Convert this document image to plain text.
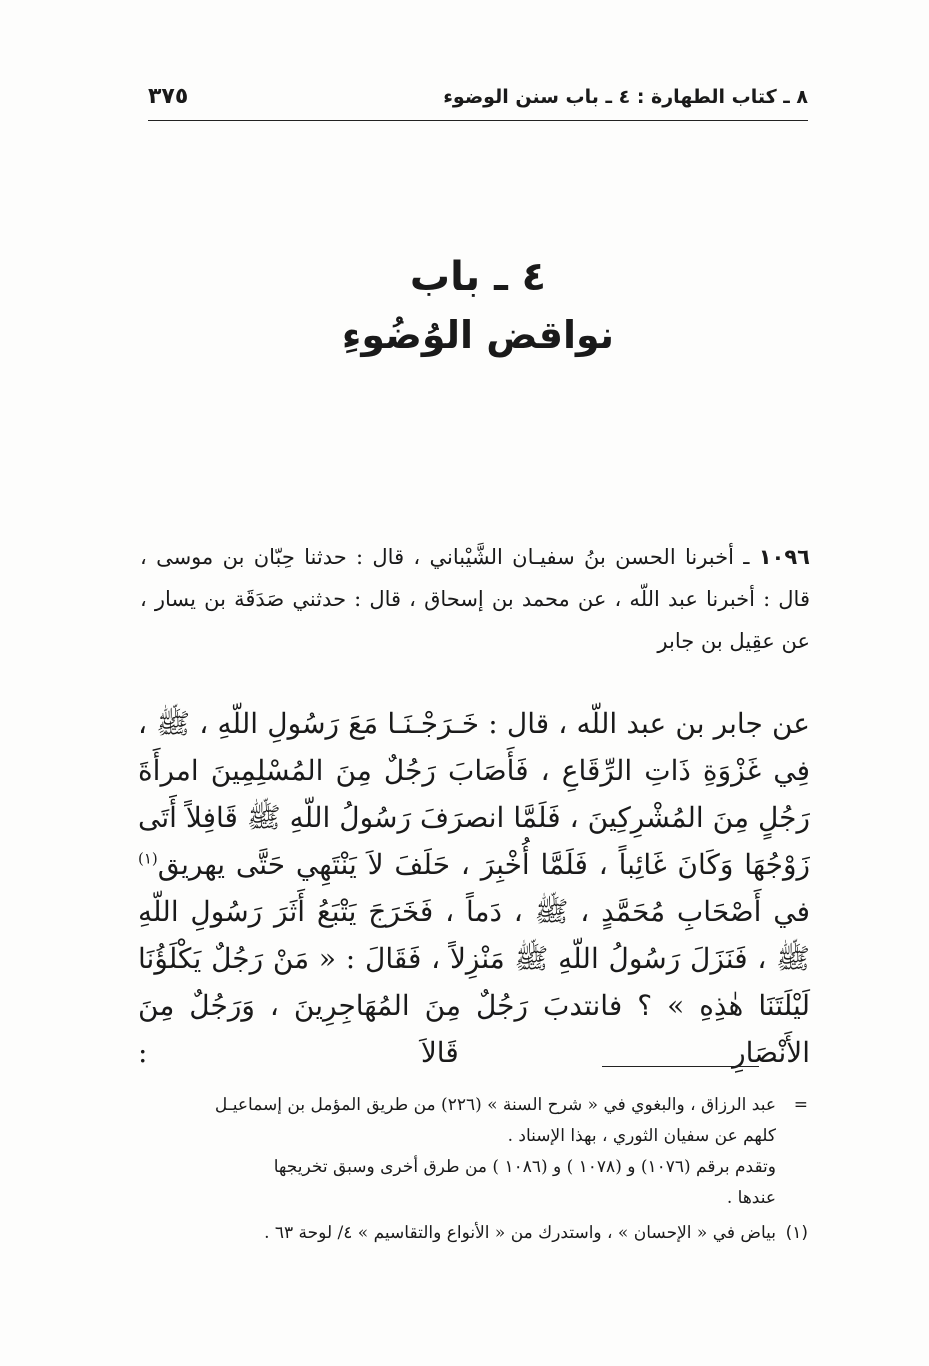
٨ ـ كتاب الطهارة : ٤ ـ باب سنن الوضوء
٣٧٥
٤ ـ باب
نواقض الوُضُوءِ
١٠٩٦ ـ أخبرنا الحسن بنُ سفيـان الشَّيْباني ، قال : حدثنا حِبّان بن موسى ، قال : أخبرنا عبد اللّه ، عن محمد بن إسحاق ، قال : حدثني صَدَقَة بن يسار ، عن عقِيل بن جابر

عن جابر بن عبد اللّه ، قال : خَـرَجْـنَـا مَعَ رَسُولِ اللّهِ ، ﷺ ، فِي غَزْوَةِ ذَاتِ الرِّقَاعِ ، فَأَصَابَ رَجُلٌ مِنَ المُسْلِمِينَ امرأَةَ رَجُلٍ مِنَ المُشْرِكِينَ ، فَلَمَّا انصرَفَ رَسُولُ اللّهِ ﷺ قَافِلاً أَتَى زَوْجُهَا وَكَانَ غَائِباً ، فَلَمَّا أُخْبِرَ ، حَلَفَ لاَ يَنْتَهِي حَتَّى يهريق$^{(١)}$ في أَصْحَابِ مُحَمَّدٍ ، ﷺ ، دَماً ، فَخَرَجَ يَتْبَعُ أَثَرَ رَسُولِ اللّهِ ﷺ ، فَنَزَلَ رَسُولُ اللّهِ ﷺ مَنْزِلاً ، فَقَالَ : « مَنْ رَجُلٌ يَكْلَؤُنَا لَيْلَتَنَا هٰذِهِ » ؟ فانتدبَ رَجُلٌ مِنَ المُهَاجِرِينَ ، وَرَجُلٌ مِنَ الأَنْصَارِ قَالاَ :

=
عبد الرزاق ، والبغوي في « شرح السنة » (٢٢٦) من طريق المؤمل بن إسماعيـل
كلهم عن سفيان الثوري ، بهذا الإسناد .
وتقدم برقم (١٠٧٦) و (١٠٧٨ ) و (١٠٨٦ ) من طرق أخرى وسبق تخريجها
عندها .
(١)
بياض في « الإحسان » ، واستدرك من « الأنواع والتقاسيم » ٤/ لوحة ٦٣ .
